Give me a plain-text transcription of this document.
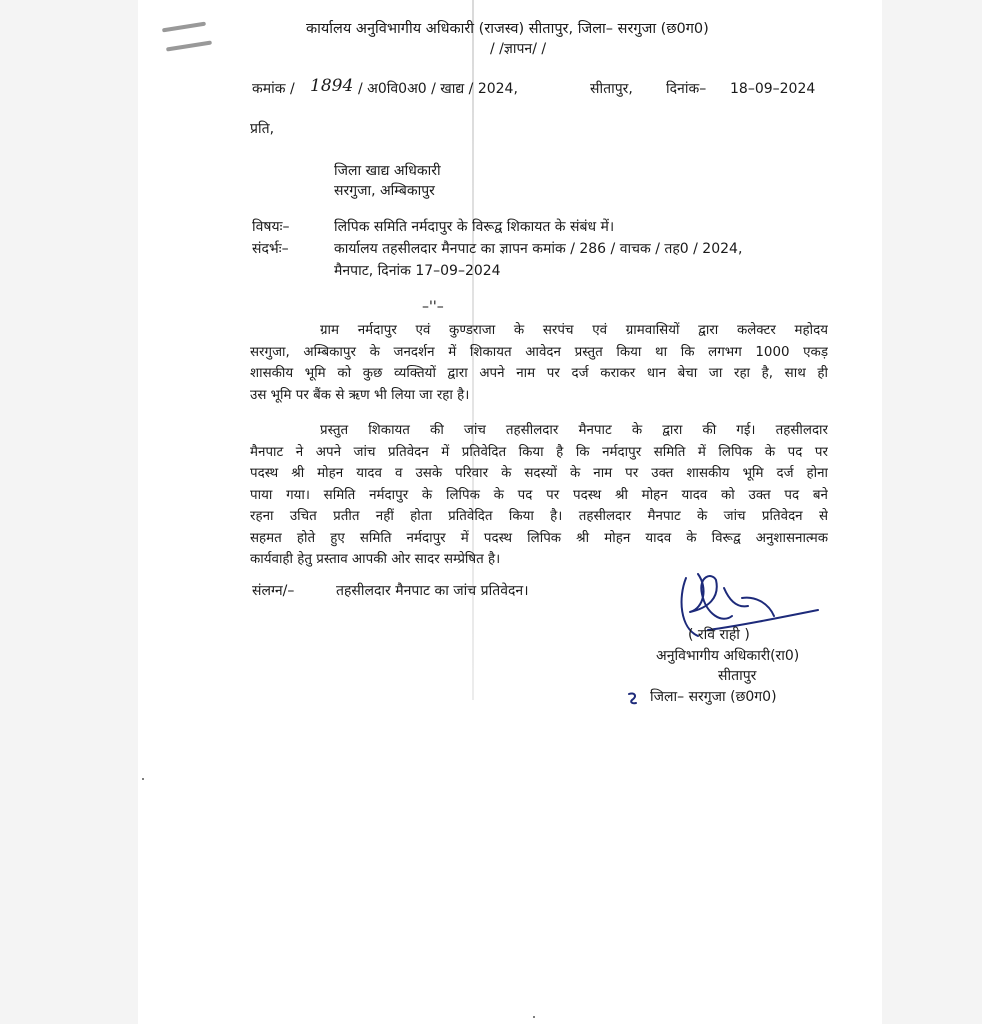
कार्यालय अनुविभागीय अधिकारी (राजस्व) सीतापुर, जिला– सरगुजा (छ0ग0)
/ /ज्ञापन/ /
कमांक / 1894 / अ0वि0अ0 / खाद्य / 2024,	सीतापुर, दिनांक– 18–09–2024
प्रति,
जिला खाद्य अधिकारी
सरगुजा, अम्बिकापुर
विषयः–	लिपिक समिति नर्मदापुर के विरूद्व शिकायत के संबंध में।
संदर्भः–	कार्यालय तहसीलदार मैनपाट का ज्ञापन कमांक / 286 / वाचक / तह0 / 2024,
मैनपाट, दिनांक 17–09–2024
–''–
ग्राम नर्मदापुर एवं कुण्डराजा के सरपंच एवं ग्रामवासियों द्वारा कलेक्टर महोदय
सरगुजा, अम्बिकापुर के जनदर्शन में शिकायत आवेदन प्रस्तुत किया था कि लगभग 1000 एकड़
शासकीय भूमि को कुछ व्यक्तियों द्वारा अपने नाम पर दर्ज कराकर धान बेचा जा रहा है, साथ ही
उस भूमि पर बैंक से ऋण भी लिया जा रहा है।
प्रस्तुत शिकायत की जांच तहसीलदार मैनपाट के द्वारा की गई। तहसीलदार
मैनपाट ने अपने जांच प्रतिवेदन में प्रतिवेदित किया है कि नर्मदापुर समिति में लिपिक के पद पर
पदस्थ श्री मोहन यादव व उसके परिवार के सदस्यों के नाम पर उक्त शासकीय भूमि दर्ज होना
पाया गया। समिति नर्मदापुर के लिपिक के पद पर पदस्थ श्री मोहन यादव को उक्त पद बने
रहना उचित प्रतीत नहीं होता प्रतिवेदित किया है। तहसीलदार मैनपाट के जांच प्रतिवेदन से
सहमत होते हुए समिति नर्मदापुर में पदस्थ लिपिक श्री मोहन यादव के विरूद्व अनुशासनात्मक
कार्यवाही हेतु प्रस्ताव आपकी ओर सादर सम्प्रेषित है।
संलग्न/–	तहसीलदार मैनपाट का जांच प्रतिवेदन।
( रवि राही )
अनुविभागीय अधिकारी(रा0)
सीतापुर
जिला– सरगुजा (छ0ग0)
